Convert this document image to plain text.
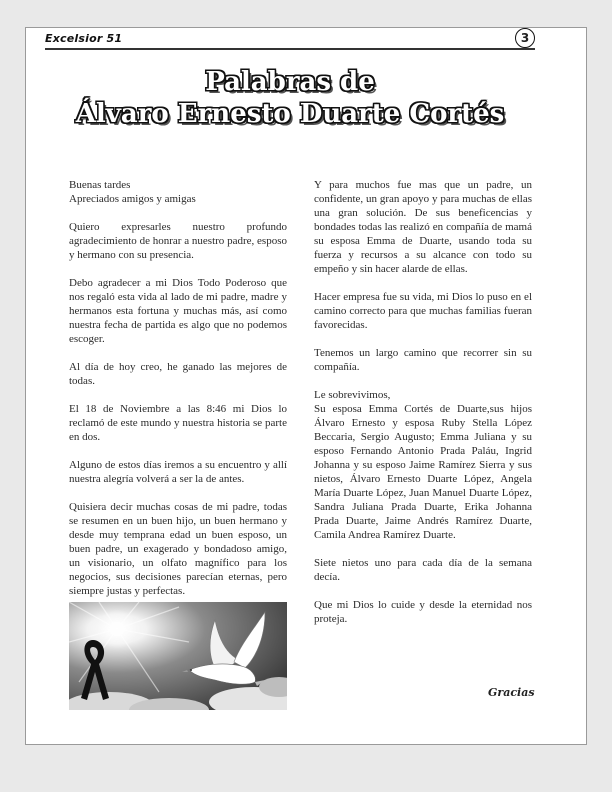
Excelsior 51	3
Palabras de
Álvaro Ernesto Duarte Cortés

Buenas tardes
Apreciados amigos y amigas

Quiero expresarles nuestro profundo agradecimiento de honrar a nuestro padre, esposo y hermano con su presencia.

Debo agradecer a mi Dios Todo Poderoso que nos regaló esta vida al lado de mi padre, madre y hermanos esta fortuna y muchas más, así como nuestra fecha de partida es algo que no podemos escoger.

Al día de hoy creo, he ganado las mejores de todas.

El 18 de Noviembre a las 8:46 mi Dios lo reclamó de este mundo y nuestra historia se parte en dos.

Alguno de estos días iremos a su encuentro y allí nuestra alegría volverá a ser la de antes.

Quisiera decir muchas cosas de mi padre, todas se resumen en un buen hijo, un buen hermano y desde muy temprana edad un buen esposo, un buen padre, un exagerado y bondadoso amigo, un visionario, un olfato magnífico para los negocios, sus decisiones parecían eternas, pero siempre justas y perfectas.

Y para muchos fue mas que un padre, un confidente, un gran apoyo y para muchas de ellas una gran solución. De sus beneficencias y bondades todas las realizó en compañía de mamá su esposa Emma de Duarte, usando toda su fuerza y recursos a su alcance con todo su empeño y sin hacer alarde de ellas.

Hacer empresa fue su vida, mi Dios lo puso en el camino correcto para que muchas familias fueran favorecidas.

Tenemos un largo camino que recorrer sin su compañía.

Le sobrevivimos,
Su esposa Emma Cortés de Duarte,sus hijos Álvaro Ernesto y esposa Ruby Stella López Beccaria, Sergio Augusto; Emma Juliana y su esposo Fernando Antonio Prada Paláu, Ingrid Johanna y su esposo Jaime Ramírez Sierra y sus nietos, Álvaro Ernesto Duarte López, Angela María Duarte López, Juan Manuel Duarte López, Sandra Juliana Prada Duarte, Erika Johanna Prada Duarte, Jaime Andrés Ramírez Duarte, Camila Andrea Ramírez Duarte.

Siete nietos uno para cada día de la semana decía.

Que mi Dios lo cuide y desde la eternidad nos proteja.

Gracias
